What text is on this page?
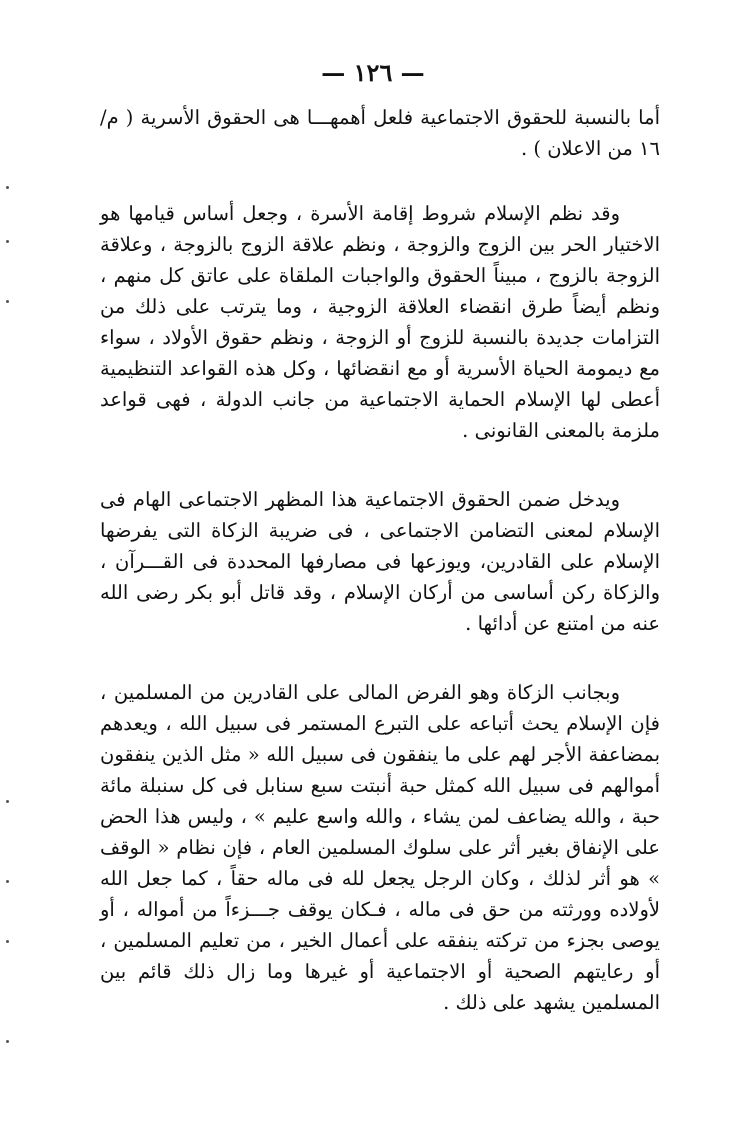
— ١٢٦ —

أما بالنسبة للحقوق الاجتماعية فلعل أهمهـــا هى الحقوق الأسرية ( م/١٦ من الاعلان ) .

وقد نظم الإسلام شروط إقامة الأسرة ، وجعل أساس قيامها هو الاختيار الحر بين الزوج والزوجة ، ونظم علاقة الزوج بالزوجة ، وعلاقة الزوجة بالزوج ، مبيناً الحقوق والواجبات الملقاة على عاتق كل منهم ، ونظم أيضاً طرق انقضاء العلاقة الزوجية ، وما يترتب على ذلك من التزامات جديدة بالنسبة للزوج أو الزوجة ، ونظم حقوق الأولاد ، سواء مع ديمومة الحياة الأسرية أو مع انقضائها ، وكل هذه القواعد التنظيمية أعطى لها الإسلام الحماية الاجتماعية من جانب الدولة ، فهى قواعد ملزمة بالمعنى القانونى .

ويدخل ضمن الحقوق الاجتماعية هذا المظهر الاجتماعى الهام فى الإسلام لمعنى التضامن الاجتماعى ، فى ضريبة الزكاة التى يفرضها الإسلام على القادرين، ويوزعها فى مصارفها المحددة فى القـــرآن ، والزكاة ركن أساسى من أركان الإسلام ، وقد قاتل أبو بكر رضى الله عنه من امتنع عن أدائها .

وبجانب الزكاة وهو الفرض المالى على القادرين من المسلمين ، فإن الإسلام يحث أتباعه على التبرع المستمر فى سبيل الله ، ويعدهم بمضاعفة الأجر لهم على ما ينفقون فى سبيل الله « مثل الذين ينفقون أموالهم فى سبيل الله كمثل حبة أنبتت سبع سنابل فى كل سنبلة مائة حبة ، والله يضاعف لمن يشاء ، والله واسع عليم » ، وليس هذا الحض على الإنفاق بغير أثر على سلوك المسلمين العام ، فإن نظام « الوقف » هو أثر لذلك ، وكان الرجل يجعل لله فى ماله حقاً ، كما جعل الله لأولاده وورثته من حق فى ماله ، فـكان يوقف جـــزءاً من أمواله ، أو يوصى بجزء من تركته ينفقه على أعمال الخير ، من تعليم المسلمين ، أو رعايتهم الصحية أو الاجتماعية أو غيرها وما زال ذلك قائم بين المسلمين يشهد على ذلك .
